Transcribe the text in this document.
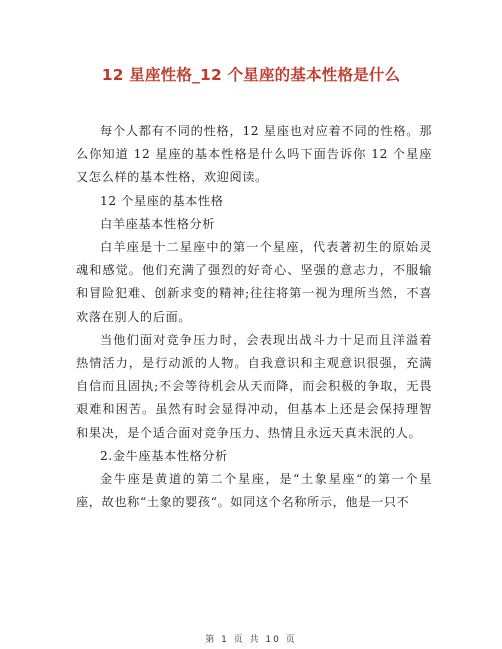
12 星座性格_12 个星座的基本性格是什么

每个人都有不同的性格，12 星座也对应着不同的性格。那么你知道 12 星座的基本性格是什么吗下面告诉你 12 个星座又怎么样的基本性格，欢迎阅读。

12 个星座的基本性格

白羊座基本性格分析

白羊座是十二星座中的第一个星座，代表著初生的原始灵魂和感觉。他们充满了强烈的好奇心、坚强的意志力，不服输和冒险犯难、创新求变的精神;往往将第一视为理所当然，不喜欢落在别人的后面。

当他们面对竞争压力时，会表现出战斗力十足而且洋溢着热情活力，是行动派的人物。自我意识和主观意识很强，充满自信而且固执;不会等待机会从天而降，而会积极的争取，无畏艰难和困苦。虽然有时会显得冲动，但基本上还是会保持理智和果决，是个适合面对竞争压力、热情且永远天真未泯的人。

2.金牛座基本性格分析

金牛座是黄道的第二个星座，是“土象星座“的第一个星座，故也称“土象的婴孩“。如同这个名称所示，他是一只不

第 1 页 共 10 页
